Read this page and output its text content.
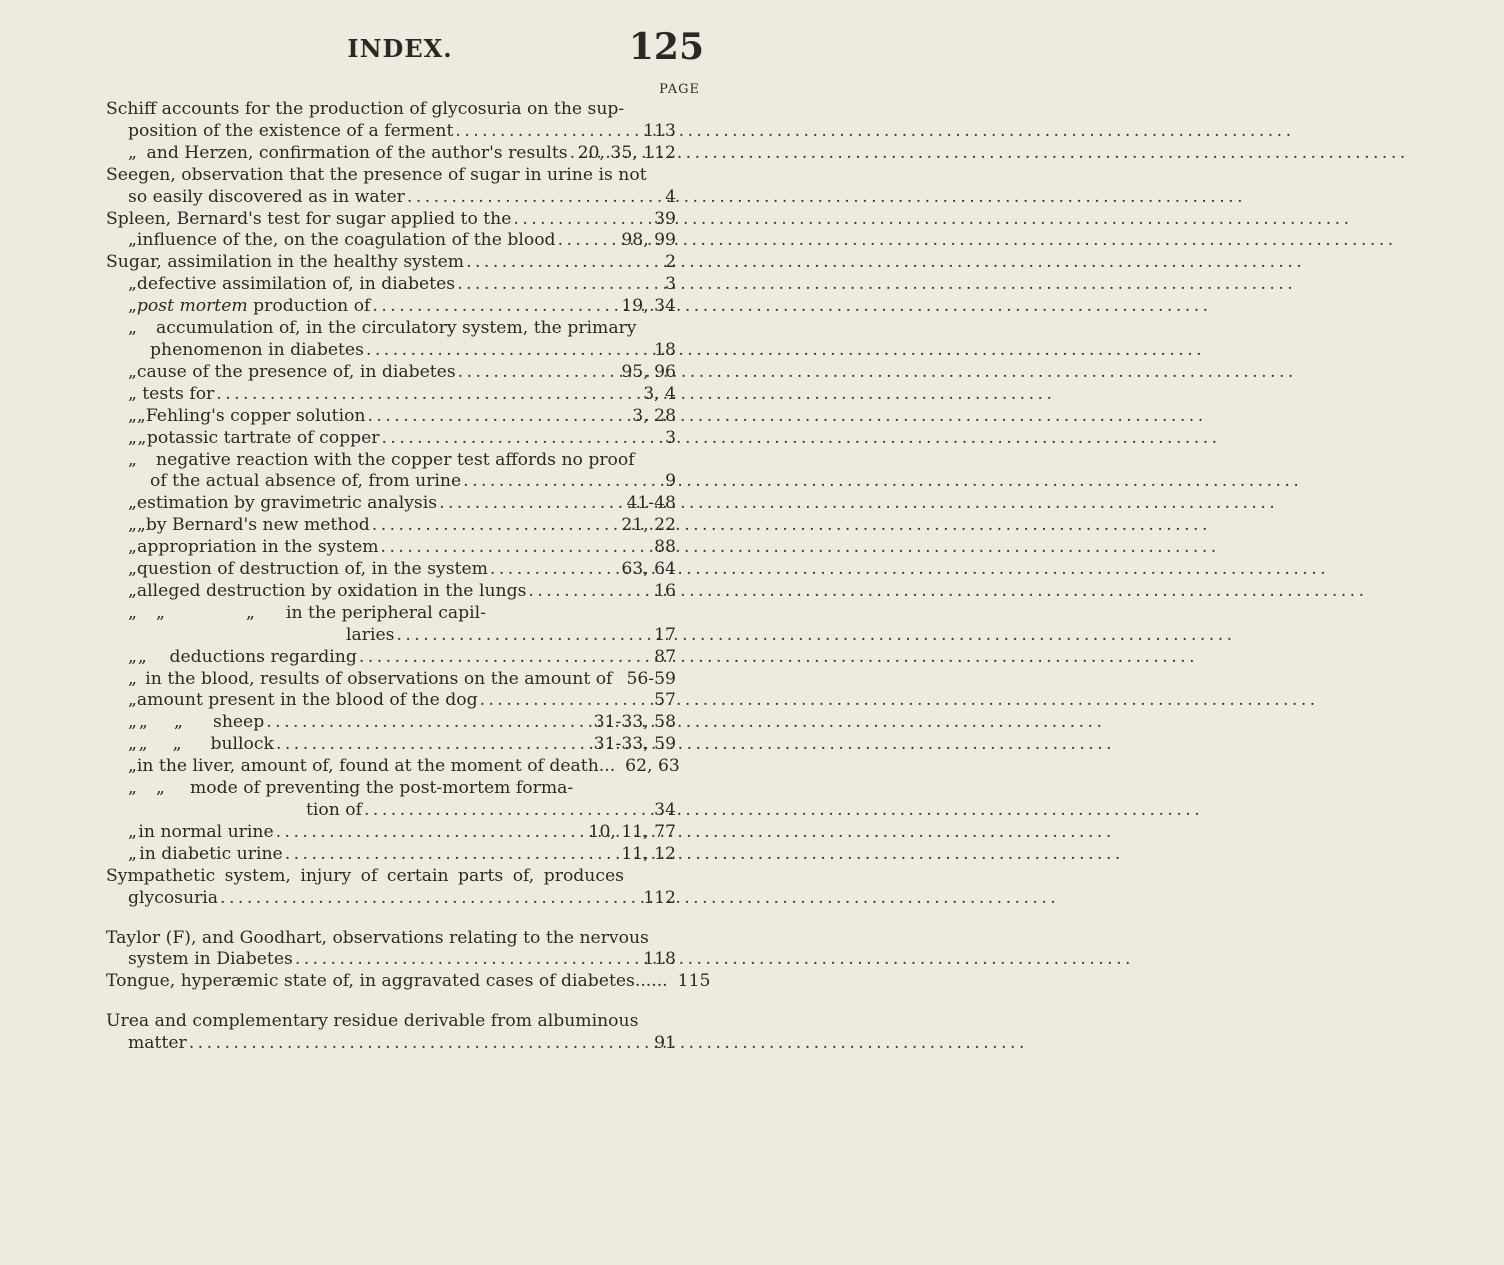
INDEX.	125
PAGE
Schiff accounts for the production of glycosuria on the sup-
position of the existence of a ferment . . .	113
„ and Herzen, confirmation of the author's results . . . 20, 35, 112
Seegen, observation that the presence of sugar in urine is not
so easily discovered as in water . . .	4
Spleen, Bernard's test for sugar applied to the . . .	39
„ influence of the, on the coagulation of the blood . . .	98, 99
Sugar, assimilation in the healthy system . . .	2
„ defective assimilation of, in diabetes . . .	3
„ post mortem production of . . .	19, 34
„	accumulation of, in the circulatory system, the primary
phenomenon in diabetes . . .	18
„ cause of the presence of, in diabetes . . .	95, 96
„ tests for . . .	3, 4
„ „ Fehling's copper solution . . .	3, 28
„ „ potassic tartrate of copper . . .	3
„	negative reaction with the copper test affords no proof
of the actual absence of, from urine . . .	9
„ estimation by gravimetric analysis . . .	41-48
„ „ by Bernard's new method . . .	21, 22
„ appropriation in the system . . .	88
„ question of destruction of, in the system . . .	63, 64
„ alleged destruction by oxidation in the lungs . . .	16
„	„	„	in the peripheral capil-
laries . . .	17
„ „	deductions regarding . . .	87
„ in the blood, results of observations on the amount of 56-59
„ amount present in the blood of the dog . . .	57
„ „	„	sheep . . .	31-33, 58
„ „	„	bullock . . .	31-33, 59
„ in the liver, amount of, found at the moment of death... 62, 63
„	„	mode of preventing the post-mortem forma-
tion of . . .	34
„ in normal urine . . .	10, 11, 77
„ in diabetic urine . . .	11, 12
Sympathetic system, injury of certain parts of, produces
glycosuria . . .	112
Taylor (F), and Goodhart, observations relating to the nervous
system in Diabetes . . .	118
Tongue, hyperæmic state of, in aggravated cases of diabetes...... 115
Urea and complementary residue derivable from albuminous
matter . . .	91
